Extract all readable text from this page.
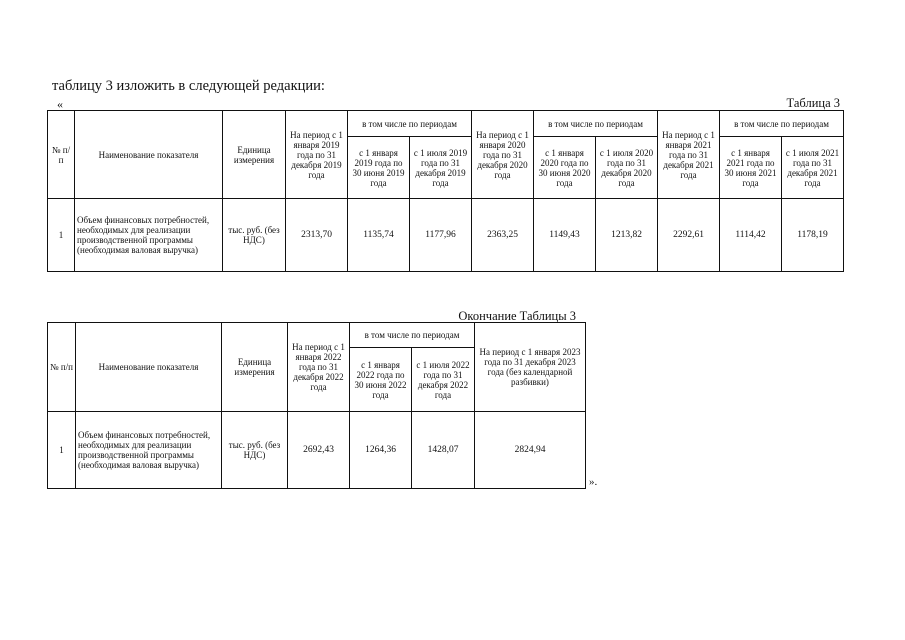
таблицу 3 изложить в следующей редакции:
«	Таблица 3
№ п/п	Наименование показателя	Единица измерения	На период с 1 января 2019 года по 31 декабря 2019 года	в том числе по периодам		На период с 1 января 2020 года по 31 декабря 2020 года	в том числе по периодам		На период с 1 января 2021 года по 31 декабря 2021 года	в том числе по периодам	
				с 1 января 2019 года по 30 июня 2019 года	с 1 июля 2019 года по 31 декабря 2019 года		с 1 января 2020 года по 30 июня 2020 года	с 1 июля 2020 года по 31 декабря 2020 года		с 1 января 2021 года по 30 июня 2021 года	с 1 июля 2021 года по 31 декабря 2021 года
1	Объем финансовых потребностей, необходимых для реализации производственной программы (необходимая валовая выручка)	тыс. руб. (без НДС)	2313,70	1135,74	1177,96	2363,25	1149,43	1213,82	2292,61	1114,42	1178,19
Окончание Таблицы 3
№ п/п	Наименование показателя	Единица измерения	На период с 1 января 2022 года по 31 декабря 2022 года	в том числе по периодам		На период с 1 января 2023 года по 31 декабря 2023 года (без календарной разбивки)
				с 1 января 2022 года по 30 июня 2022 года	с 1 июля 2022 года по 31 декабря 2022 года	
1	Объем финансовых потребностей, необходимых для реализации производственной программы (необходимая валовая выручка)	тыс. руб. (без НДС)	2692,43	1264,36	1428,07	2824,94
».
